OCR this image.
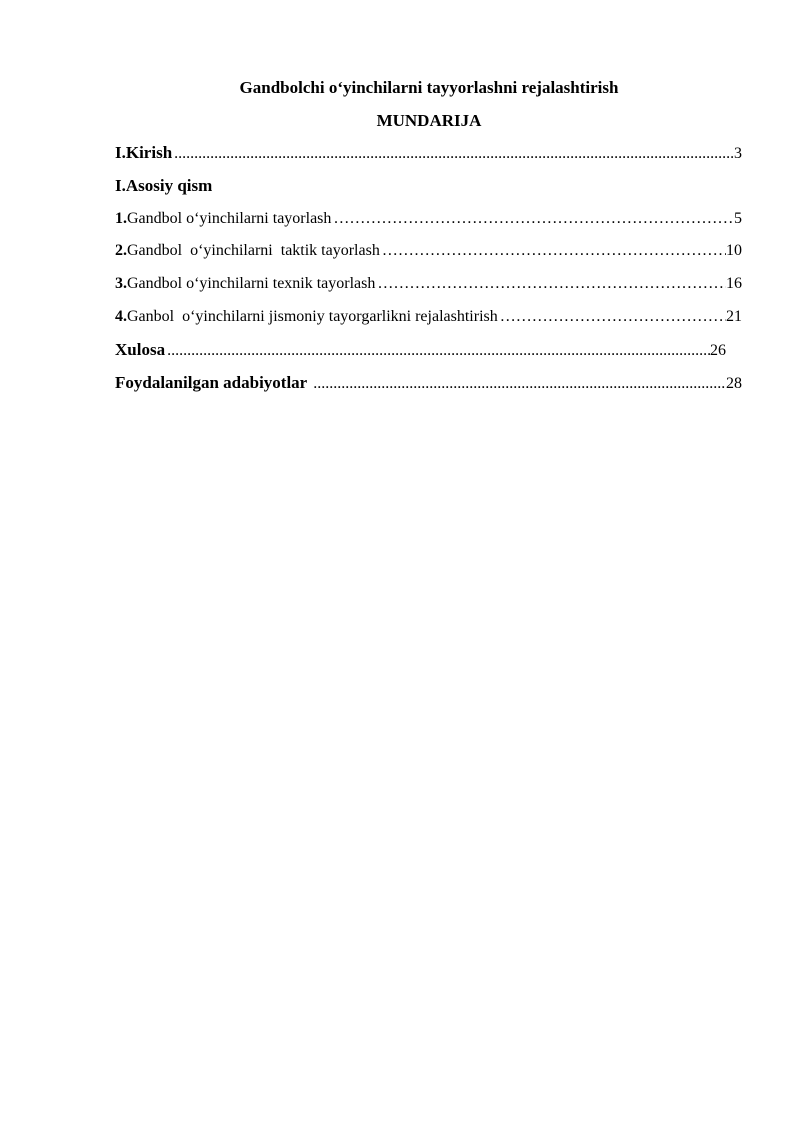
Gandbolchi o‘yinchilarni tayyorlashni rejalashtirish
MUNDARIJA
I.Kirish .....	3
I.Asosiy qism
1. Gandbol o‘yinchilarni tayorlash ……………………………………………………………………………………………………………………………………………………………………………	5
2. Gandbol  o‘yinchilarni  taktik tayorlash ……………………………………………………………………………………………………………………………………………………………………………	10
3. Gandbol o‘yinchilarni texnik tayorlash ……………………………………………………………………………………………………………………………………………………………………………	16
4. Ganbol  o‘yinchilarni jismoniy tayorgarlikni rejalashtirish ……………………………………………………………………………………………………………………………………………………………………………	21
Xulosa .....	26
Foydalanilgan adabiyotlar .....	28
